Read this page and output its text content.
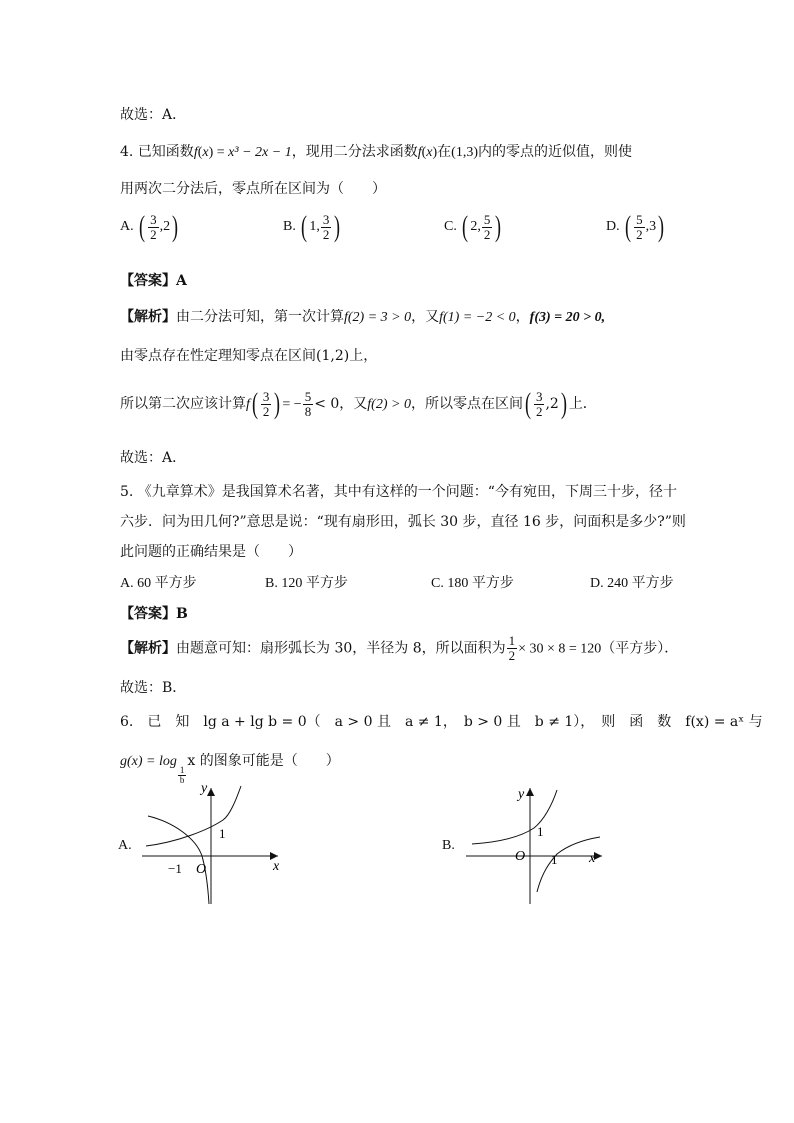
故选：A．
4. 已知函数f(x) = x³ − 2x − 1，现用二分法求函数f(x)在(1,3)内的零点的近似值，则使
用两次二分法后，零点所在区间为（　　）
A. ( $\frac{3}{2} ,2$)	B. ( 1, $\frac{3}{2}$ )	C. ( 2, $\frac{5}{2}$ )	D. ( $\frac{5}{2} ,3$)
【答案】A
【解析】由二分法可知，第一次计算f(2) = 3 > 0，又f(1) = −2 < 0，f(3) = 20 > 0,
由零点存在性定理知零点在区间(1,2)上，
所以第二次应该计算$f( \frac{3}{2}$ ) = − $\frac{5}{8} < 0$，又f(2) > 0，所以零点在区间( $\frac{3}{2} ,2$) 上．
故选：A．
5. 《九章算术》是我国算术名著，其中有这样的一个问题：“今有宛田，下周三十步，径十
六步．问为田几何?”意思是说：“现有扇形田，弧长 30 步，直径 16 步，问面积是多少?”则
此问题的正确结果是（　　）
A. 60 平方步	B. 120 平方步	C. 180 平方步	D. 240 平方步
【答案】B
【解析】由题意可知：扇形弧长为 30，半径为 8，所以面积为 $\frac{1}{2} \times 30 \times 8 = 120$（平方步）．
故选：B．
6.　已　知　lg a + lg b = 0（　a > 0 且　a ≠ 1，　b > 0 且　b ≠ 1），　则　函　数　f(x) = aˣ 与
g(x) = log
$\frac{1}{b}$
x 的图象可能是（　　）
A.
y
x
O
1
−1
B.
y
x
O
1
1
